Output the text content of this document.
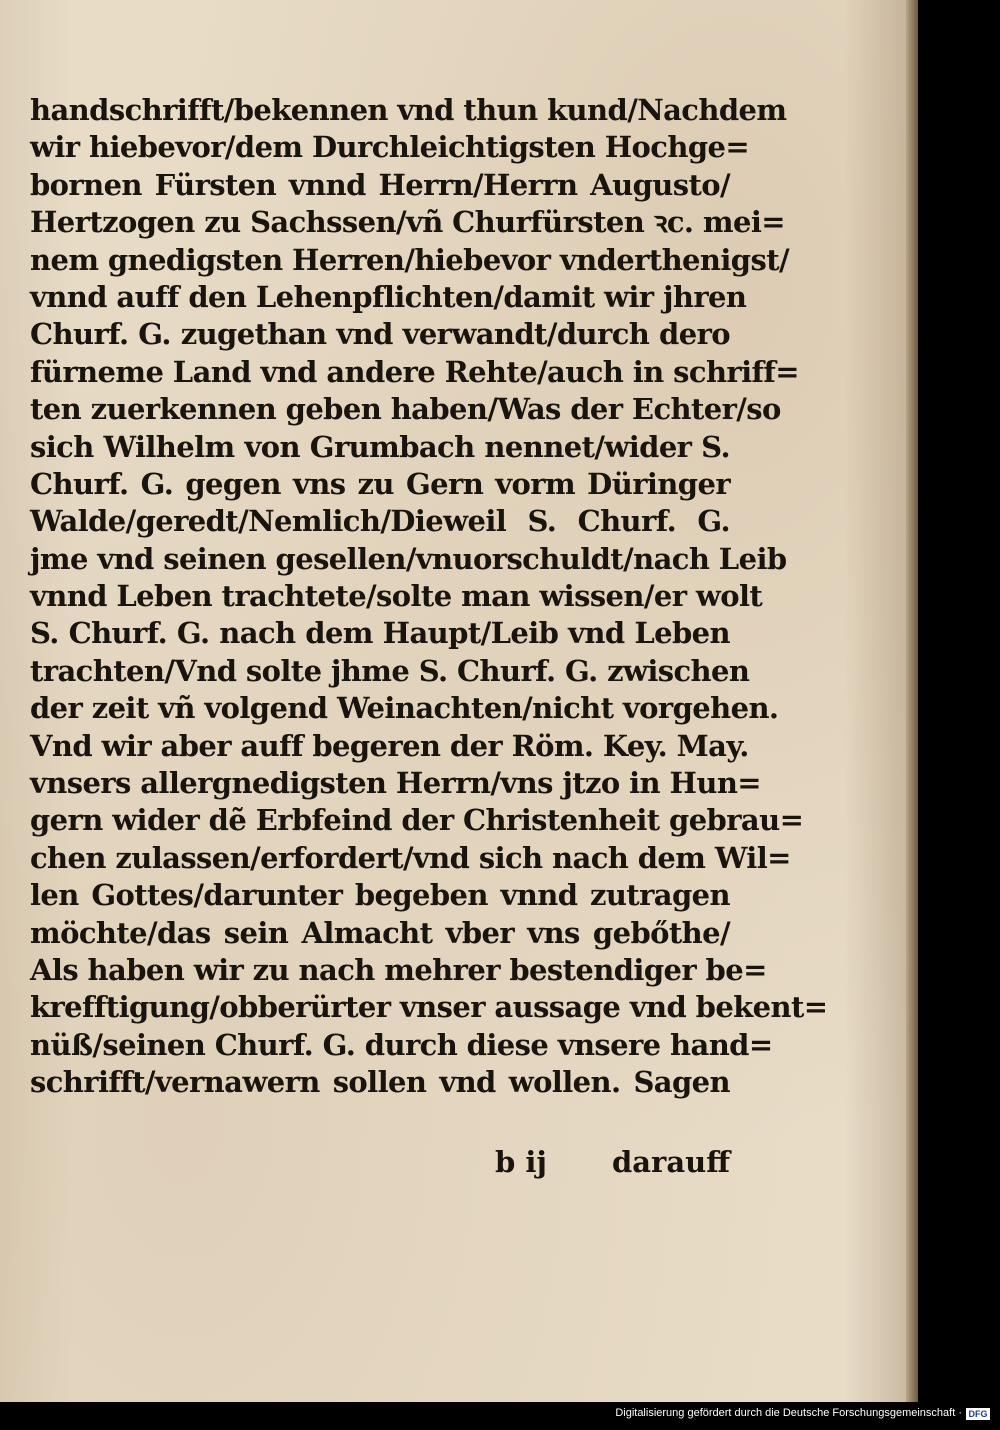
handschrifft/bekennen vnd thun kund/Nachdem
wir hiebevor/dem Durchleichtigsten Hochge=
bornen Fürsten vnnd Herrn/Herrn Augusto/
Hertzogen zu Sachssen/vñ Churfürsten ꝛc. mei=
nem gnedigsten Herren/hiebevor vnderthenigst/
vnnd auff den Lehenpflichten/damit wir jhren
Churf. G. zugethan vnd verwandt/durch dero
fürneme Land vnd andere Rehte/auch in schriff=
ten zuerkennen geben haben/Was der Echter/so
sich Wilhelm von Grumbach nennet/wider S.
Churf. G. gegen vns zu Gern vorm Düringer
Walde/geredt/Nemlich/Dieweil S. Churf. G.
jme vnd seinen gesellen/vnuorschuldt/nach Leib
vnnd Leben trachtete/solte man wissen/er wolt
S. Churf. G. nach dem Haupt/Leib vnd Leben
trachten/Vnd solte jhme S. Churf. G. zwischen
der zeit vñ volgend Weinachten/nicht vorgehen.
Vnd wir aber auff begeren der Röm. Key. May.
vnsers allergnedigsten Herrn/vns jtzo in Hun=
gern wider dẽ Erbfeind der Christenheit gebrau=
chen zulassen/erfordert/vnd sich nach dem Wil=
len Gottes/darunter begeben vnnd zutragen
möchte/das sein Almacht vber vns gebőthe/
Als haben wir zu nach mehrer bestendiger be=
krefftigung/obberürter vnser aussage vnd bekent=
nüß/seinen Churf. G. durch diese vnsere hand=
schrifft/vernawern sollen vnd wollen. Sagen
b ij darauff
Digitalisierung gefördert durch die Deutsche Forschungsgemeinschaft · DFG
